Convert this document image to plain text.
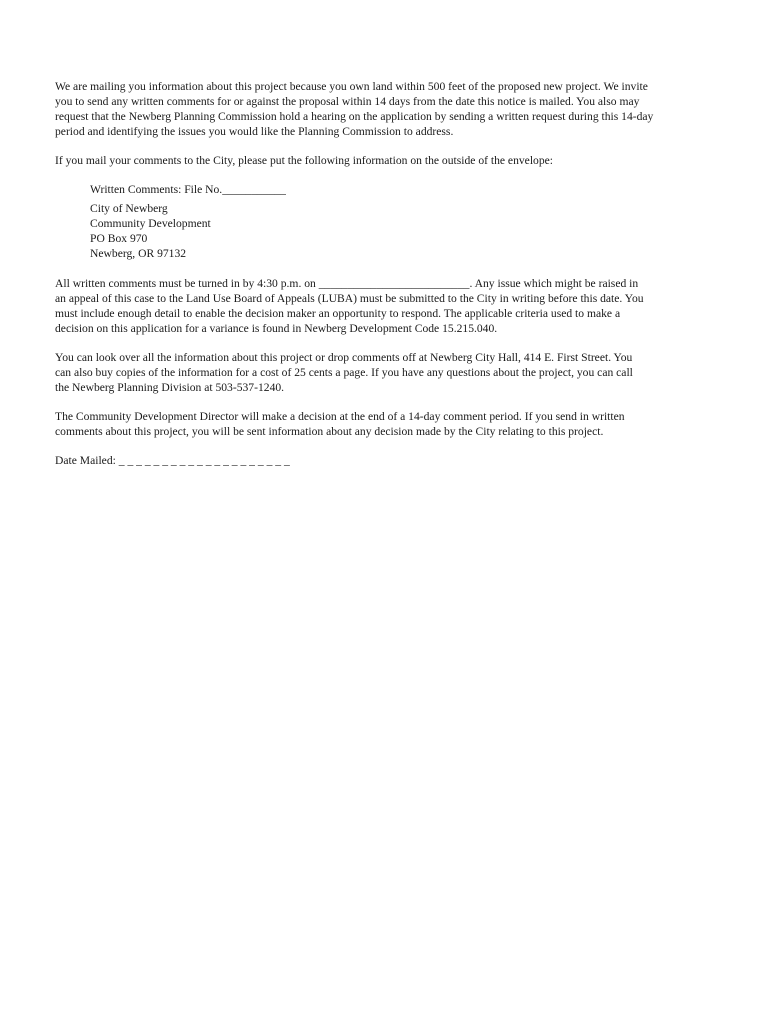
We are mailing you information about this project because you own land within 500 feet of the proposed new project. We invite
you to send any written comments for or against the proposal within 14 days from the date this notice is mailed. You also may
request that the Newberg Planning Commission hold a hearing on the application by sending a written request during this 14-day
period and identifying the issues you would like the Planning Commission to address.

If you mail your comments to the City, please put the following information on the outside of the envelope:

Written Comments: File No.___________
City of Newberg
Community Development
PO Box 970
Newberg, OR 97132

All written comments must be turned in by 4:30 p.m. on __________________________. Any issue which might be raised in
an appeal of this case to the Land Use Board of Appeals (LUBA) must be submitted to the City in writing before this date. You
must include enough detail to enable the decision maker an opportunity to respond. The applicable criteria used to make a
decision on this application for a variance is found in Newberg Development Code 15.215.040.

You can look over all the information about this project or drop comments off at Newberg City Hall, 414 E. First Street. You
can also buy copies of the information for a cost of 25 cents a page. If you have any questions about the project, you can call
the Newberg Planning Division at 503-537-1240.

The Community Development Director will make a decision at the end of a 14-day comment period. If you send in written
comments about this project, you will be sent information about any decision made by the City relating to this project.

Date Mailed: _ _ _ _ _ _ _ _ _ _ _ _ _ _ _ _ _ _ _ _
